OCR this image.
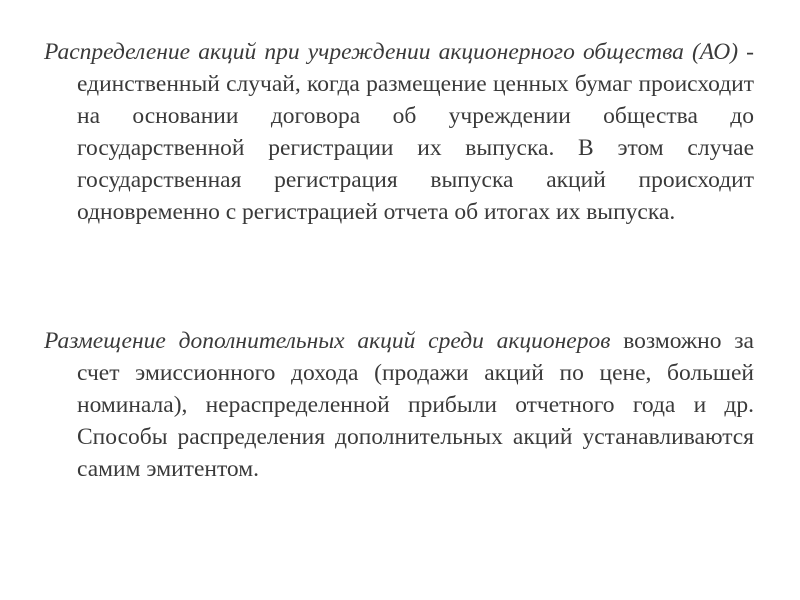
Распределение акций при учреждении акционерного общества (АО) - единственный случай, когда размещение ценных бумаг происходит на основании договора об учреждении общества до государственной регистрации их выпуска. В этом случае государственная регистрация выпуска акций происходит одновременно с регистрацией отчета об итогах их выпуска.

Размещение дополнительных акций среди акционеров возможно за счет эмиссионного дохода (продажи акций по цене, большей номинала), нераспределенной прибыли отчетного года и др. Способы распределения дополнительных акций устанавливаются самим эмитентом.
